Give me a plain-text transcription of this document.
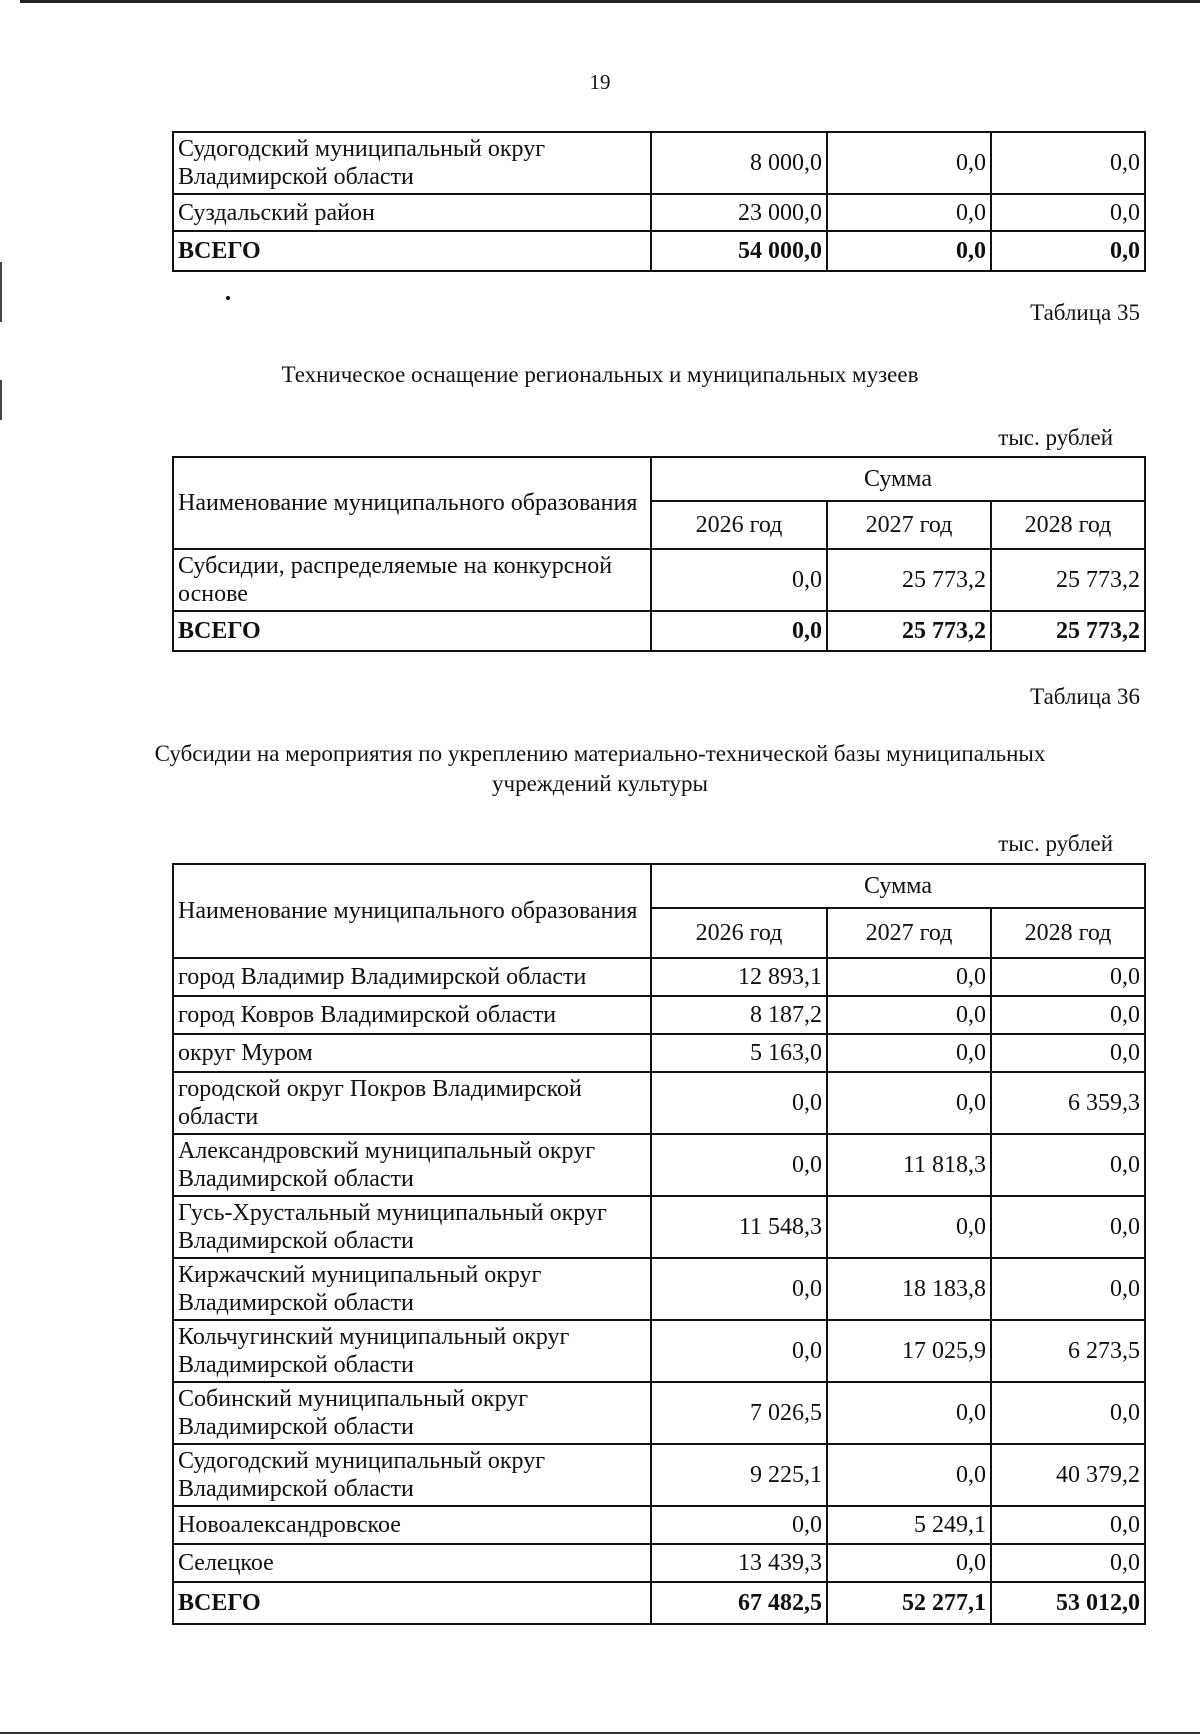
19
Судогодский муниципальный округ Владимирской области	8 000,0	0,0	0,0
Суздальский район	23 000,0	0,0	0,0
ВСЕГО	54 000,0	0,0	0,0
Таблица 35
Техническое оснащение региональных и муниципальных музеев
тыс. рублей
Наименование муниципального образования	Сумма		
	2026 год	2027 год	2028 год
Субсидии, распределяемые на конкурсной основе	0,0	25 773,2	25 773,2
ВСЕГО	0,0	25 773,2	25 773,2
Таблица 36
Субсидии на мероприятия по укреплению материально-технической базы муниципальных учреждений культуры
тыс. рублей
Наименование муниципального образования	Сумма		
	2026 год	2027 год	2028 год
город Владимир Владимирской области	12 893,1	0,0	0,0
город Ковров Владимирской области	8 187,2	0,0	0,0
округ Муром	5 163,0	0,0	0,0
городской округ Покров Владимирской области	0,0	0,0	6 359,3
Александровский муниципальный округ Владимирской области	0,0	11 818,3	0,0
Гусь-Хрустальный муниципальный округ Владимирской области	11 548,3	0,0	0,0
Киржачский муниципальный округ Владимирской области	0,0	18 183,8	0,0
Кольчугинский муниципальный округ Владимирской области	0,0	17 025,9	6 273,5
Собинский муниципальный округ Владимирской области	7 026,5	0,0	0,0
Судогодский муниципальный округ Владимирской области	9 225,1	0,0	40 379,2
Новоалександровское	0,0	5 249,1	0,0
Селецкое	13 439,3	0,0	0,0
ВСЕГО	67 482,5	52 277,1	53 012,0
